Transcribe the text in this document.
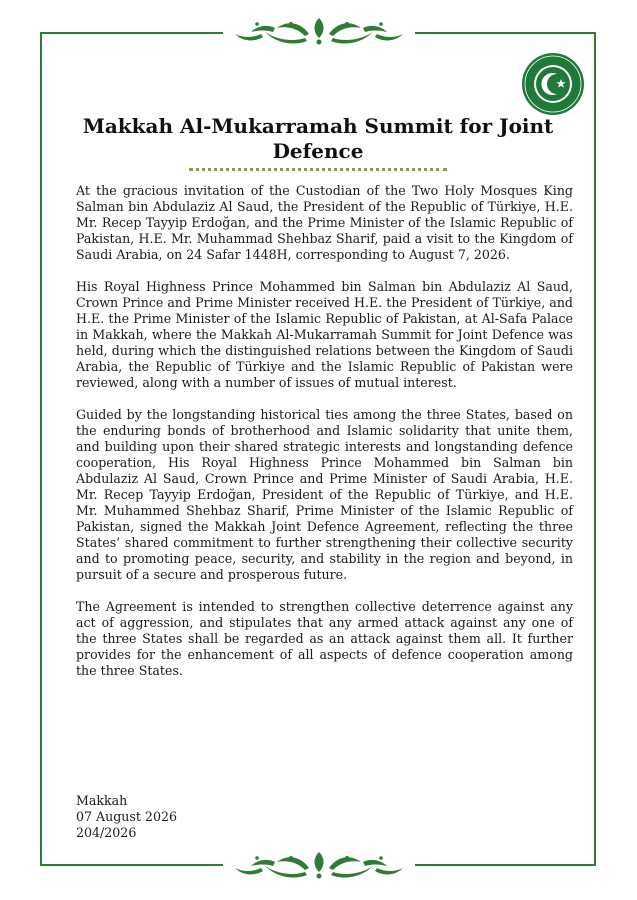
Makkah Al-Mukarramah Summit for Joint Defence

At the gracious invitation of the Custodian of the Two Holy Mosques King Salman bin Abdulaziz Al Saud, the President of the Republic of Türkiye, H.E. Mr. Recep Tayyip Erdoğan, and the Prime Minister of the Islamic Republic of Pakistan, H.E. Mr. Muhammad Shehbaz Sharif, paid a visit to the Kingdom of Saudi Arabia, on 24 Safar 1448H, corresponding to August 7, 2026.

His Royal Highness Prince Mohammed bin Salman bin Abdulaziz Al Saud, Crown Prince and Prime Minister received H.E. the President of Türkiye, and H.E. the Prime Minister of the Islamic Republic of Pakistan, at Al-Safa Palace in Makkah, where the Makkah Al-Mukarramah Summit for Joint Defence was held, during which the distinguished relations between the Kingdom of Saudi Arabia, the Republic of Türkiye and the Islamic Republic of Pakistan were reviewed, along with a number of issues of mutual interest.

Guided by the longstanding historical ties among the three States, based on the enduring bonds of brotherhood and Islamic solidarity that unite them, and building upon their shared strategic interests and longstanding defence cooperation, His Royal Highness Prince Mohammed bin Salman bin Abdulaziz Al Saud, Crown Prince and Prime Minister of Saudi Arabia, H.E. Mr. Recep Tayyip Erdoğan, President of the Republic of Türkiye, and H.E. Mr. Muhammed Shehbaz Sharif, Prime Minister of the Islamic Republic of Pakistan, signed the Makkah Joint Defence Agreement, reflecting the three States’ shared commitment to further strengthening their collective security and to promoting peace, security, and stability in the region and beyond, in pursuit of a secure and prosperous future.

The Agreement is intended to strengthen collective deterrence against any act of aggression, and stipulates that any armed attack against any one of the three States shall be regarded as an attack against them all. It further provides for the enhancement of all aspects of defence cooperation among the three States.

Makkah
07 August 2026
204/2026
